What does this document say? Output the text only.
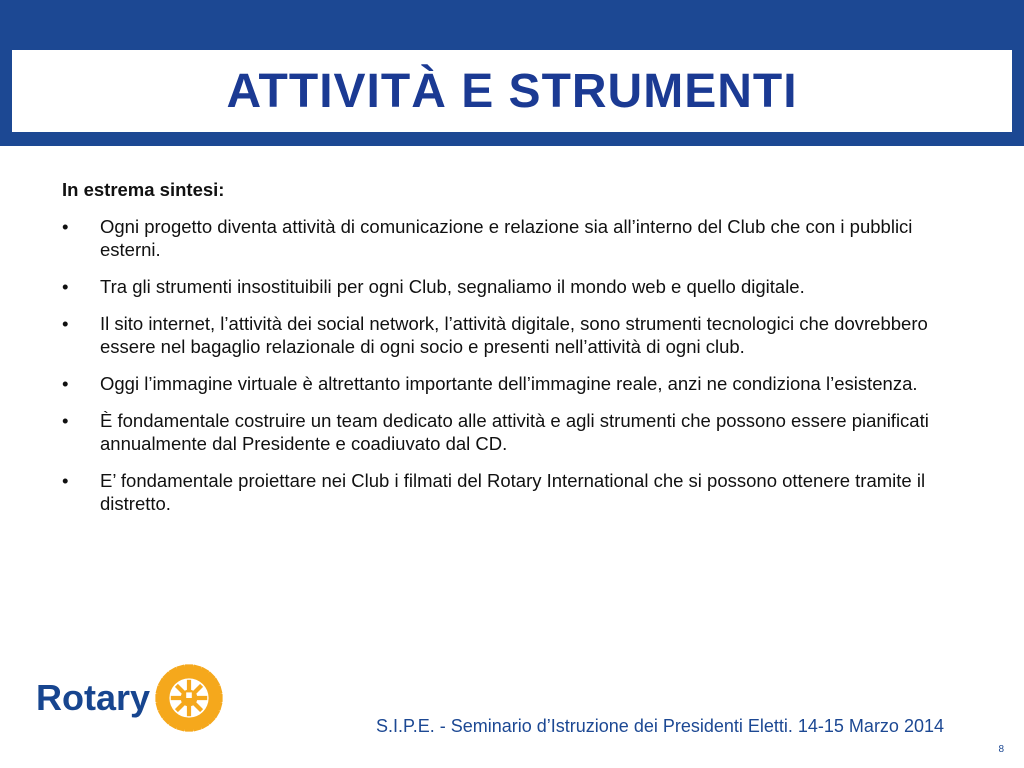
ATTIVITÀ E STRUMENTI

In estrema sintesi:

• Ogni progetto diventa attività di comunicazione e relazione sia all’interno del Club che con i pubblici esterni.
• Tra gli strumenti insostituibili per ogni Club, segnaliamo il mondo web e quello digitale.
• Il sito internet, l’attività dei social network, l’attività digitale, sono strumenti tecnologici che dovrebbero essere nel bagaglio relazionale di ogni socio e presenti nell’attività di ogni club.
• Oggi l’immagine virtuale è altrettanto importante dell’immagine reale, anzi ne condiziona l’esistenza.
• È fondamentale costruire un team dedicato alle attività e agli strumenti che possono essere pianificati annualmente dal Presidente e coadiuvato dal CD.
• E’ fondamentale proiettare nei Club i filmati del Rotary International che si possono ottenere tramite il distretto.
Rotary
S.I.P.E. - Seminario d’Istruzione dei Presidenti Eletti. 14-15 Marzo 2014
8
